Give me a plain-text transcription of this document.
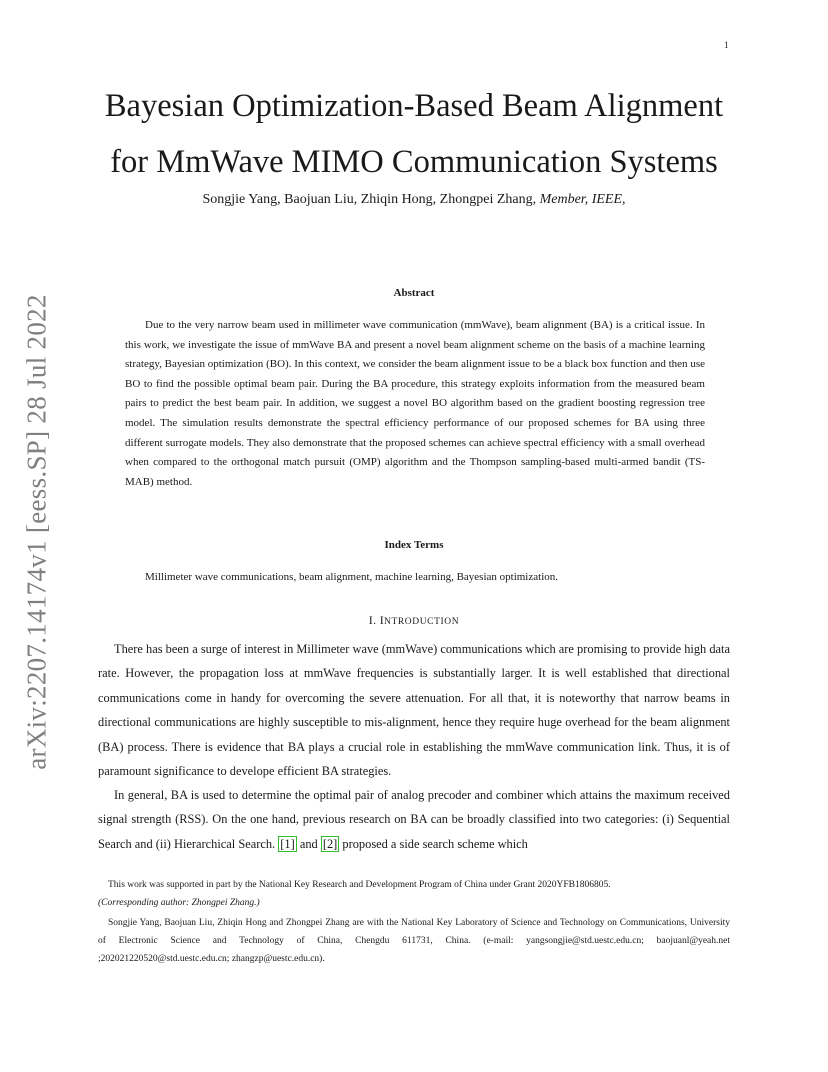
1
arXiv:2207.14174v1 [eess.SP] 28 Jul 2022
Bayesian Optimization-Based Beam Alignment
for MmWave MIMO Communication Systems
Songjie Yang, Baojuan Liu, Zhiqin Hong, Zhongpei Zhang, Member, IEEE,
Abstract

Due to the very narrow beam used in millimeter wave communication (mmWave), beam alignment (BA) is a critical issue. In this work, we investigate the issue of mmWave BA and present a novel beam alignment scheme on the basis of a machine learning strategy, Bayesian optimization (BO). In this context, we consider the beam alignment issue to be a black box function and then use BO to find the possible optimal beam pair. During the BA procedure, this strategy exploits information from the measured beam pairs to predict the best beam pair. In addition, we suggest a novel BO algorithm based on the gradient boosting regression tree model. The simulation results demonstrate the spectral efficiency performance of our proposed schemes for BA using three different surrogate models. They also demonstrate that the proposed schemes can achieve spectral efficiency with a small overhead when compared to the orthogonal match pursuit (OMP) algorithm and the Thompson sampling-based multi-armed bandit (TS-MAB) method.

Index Terms
Millimeter wave communications, beam alignment, machine learning, Bayesian optimization.
I. INTRODUCTION

There has been a surge of interest in Millimeter wave (mmWave) communications which are promising to provide high data rate. However, the propagation loss at mmWave frequencies is substantially larger. It is well established that directional communications come in handy for overcoming the severe attenuation. For all that, it is noteworthy that narrow beams in directional communications are highly susceptible to mis-alignment, hence they require huge overhead for the beam alignment (BA) process. There is evidence that BA plays a crucial role in establishing the mmWave communication link. Thus, it is of paramount significance to develope efficient BA strategies.

In general, BA is used to determine the optimal pair of analog precoder and combiner which attains the maximum received signal strength (RSS). On the one hand, previous research on BA can be broadly classified into two categories: (i) Sequential Search and (ii) Hierarchical Search. [1] and [2] proposed a side search scheme which

This work was supported in part by the National Key Research and Development Program of China under Grant 2020YFB1806805.
(Corresponding author: Zhongpei Zhang.)

Songjie Yang, Baojuan Liu, Zhiqin Hong and Zhongpei Zhang are with the National Key Laboratory of Science and Technology on Communications, University of Electronic Science and Technology of China, Chengdu 611731, China. (e-mail: yangsongjie@std.uestc.edu.cn; baojuanl@yeah.net ;202021220520@std.uestc.edu.cn; zhangzp@uestc.edu.cn).
